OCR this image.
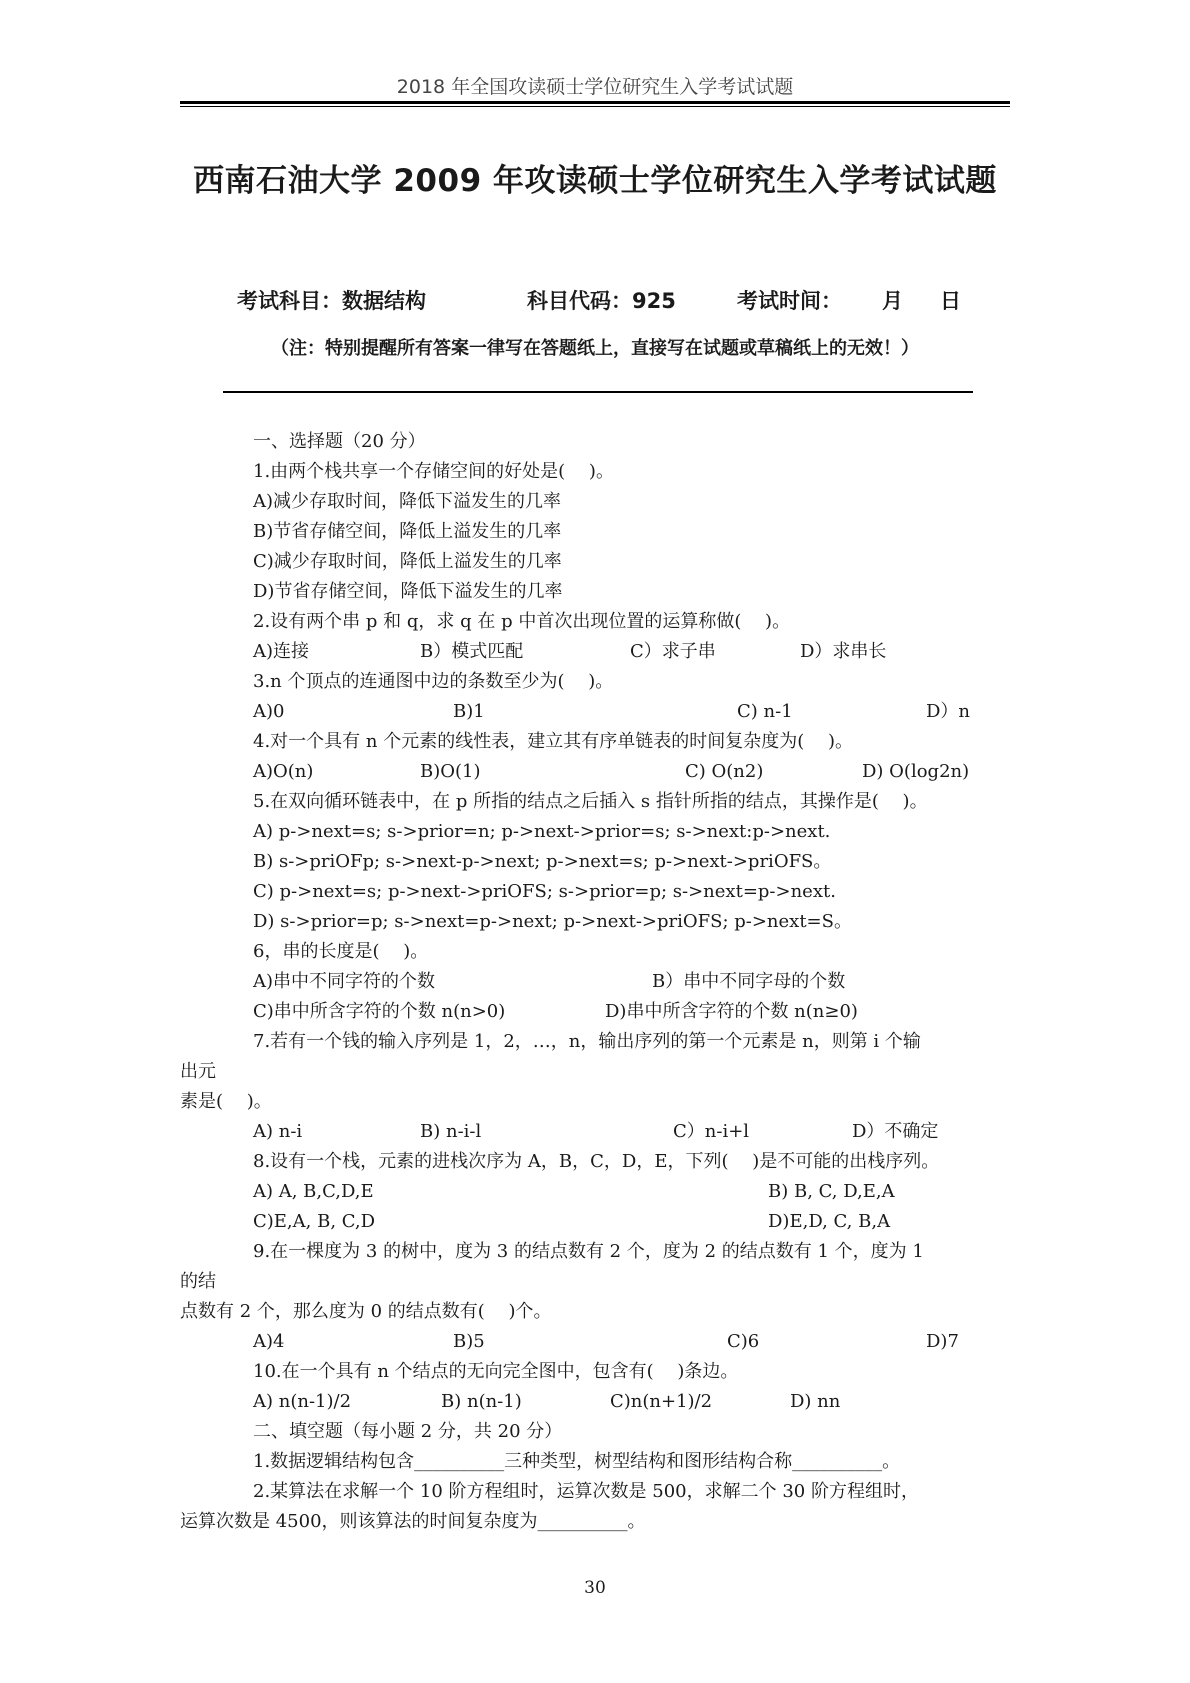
2018 年全国攻读硕士学位研究生入学考试试题
西南石油大学 2009 年攻读硕士学位研究生入学考试试题
考试科目：数据结构	科目代码：925	考试时间： 月 日
（注：特别提醒所有答案一律写在答题纸上，直接写在试题或草稿纸上的无效！）
一、选择题（20 分）
1.由两个栈共享一个存储空间的好处是(　 )。
A)减少存取时间，降低下溢发生的几率
B)节省存储空间，降低上溢发生的几率
C)减少存取时间，降低上溢发生的几率
D)节省存储空间，降低下溢发生的几率
2.设有两个串 p 和 q，求 q 在 p 中首次出现位置的运算称做(　 )。
A)连接	B）模式匹配	C）求子串	D）求串长
3.n 个顶点的连通图中边的条数至少为(　 )。
A)0	B)1	C) n-1	D）n
4.对一个具有 n 个元素的线性表，建立其有序单链表的时间复杂度为(　 )。
A)O(n)	B)O(1)	C) O(n2)	D) O(log2n)
5.在双向循环链表中，在 p 所指的结点之后插入 s 指针所指的结点，其操作是(　 )。
A) p->next=s; s->prior=n; p->next->prior=s; s->next:p->next.
B) s->priOFp; s->next-p->next; p->next=s; p->next->priOFS。
C) p->next=s; p->next->priOFS; s->prior=p; s->next=p->next.
D) s->prior=p; s->next=p->next; p->next->priOFS; p->next=S。
6，串的长度是(　 )。
A)串中不同字符的个数	B）串中不同字母的个数
C)串中所含字符的个数 n(n>0)	D)串中所含字符的个数 n(n≥0)
7.若有一个钱的输入序列是 1，2，…，n，输出序列的第一个元素是 n，则第 i 个输
出元
素是(　 )。
A) n-i	B) n-i-l	C）n-i+l	D）不确定
8.设有一个栈，元素的进栈次序为 A，B，C，D，E，下列(　 )是不可能的出栈序列。
A) A, B,C,D,E	B) B, C, D,E,A
C)E,A, B, C,D	D)E,D, C, B,A
9.在一棵度为 3 的树中，度为 3 的结点数有 2 个，度为 2 的结点数有 1 个，度为 1
的结
点数有 2 个，那么度为 0 的结点数有(　 )个。
A)4	B)5	C)6	D)7
10.在一个具有 n 个结点的无向完全图中，包含有(　 )条边。
A) n(n-1)/2	B) n(n-1)	C)n(n+1)/2	D) nn
二、填空题（每小题 2 分，共 20 分）
1.数据逻辑结构包含__________三种类型，树型结构和图形结构合称__________。
2.某算法在求解一个 10 阶方程组时，运算次数是 500，求解二个 30 阶方程组时，
运算次数是 4500，则该算法的时间复杂度为__________。
30
